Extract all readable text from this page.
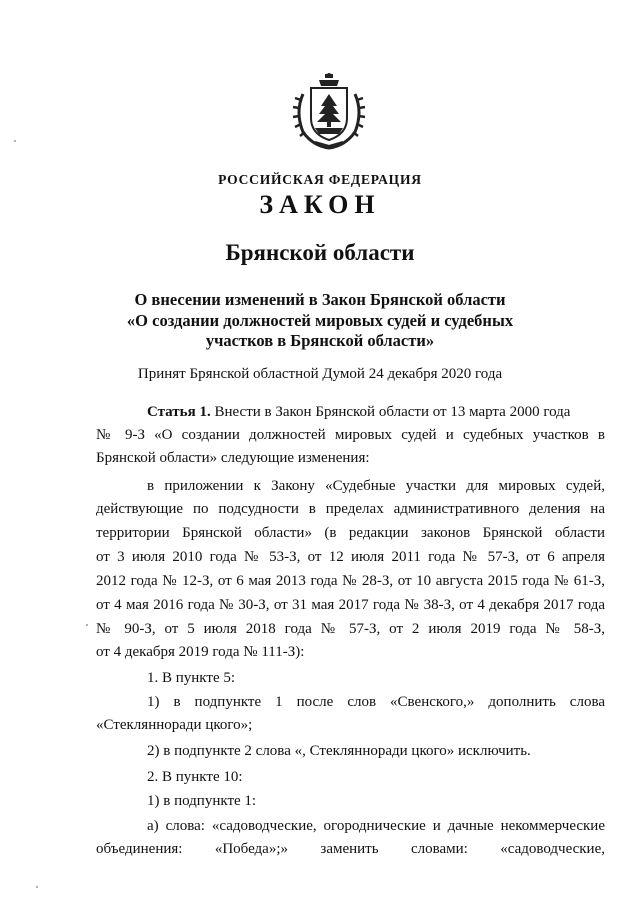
РОССИЙСКАЯ ФЕДЕРАЦИЯ
ЗАКОН
Брянской области
О внесении изменений в Закон Брянской области
«О создании должностей мировых судей и судебных
участков в Брянской области»
Принят Брянской областной Думой 24 декабря 2020 года
Статья 1. Внести в Закон Брянской области от 13 марта 2000 года
№ 9-З «О создании должностей мировых судей и судебных участков в
Брянской области» следующие изменения:
в приложении к Закону «Судебные участки для мировых судей,
действующие по подсудности в пределах административного деления на
территории Брянской области» (в редакции законов Брянской области
от 3 июля 2010 года № 53-З, от 12 июля 2011 года № 57-З, от 6 апреля
2012 года № 12-З, от 6 мая 2013 года № 28-З, от 10 августа 2015 года № 61-З,
от 4 мая 2016 года № 30-З, от 31 мая 2017 года № 38-З, от 4 декабря 2017 года
№ 90-З, от 5 июля 2018 года № 57-З, от 2 июля 2019 года № 58-З,
от 4 декабря 2019 года № 111-З):
1. В пункте 5:
1) в подпункте 1 после слов «Свенского,» дополнить слова
«Стеклянноради цкого»;
2) в подпункте 2 слова «, Стеклянноради цкого» исключить.
2. В пункте 10:
1) в подпункте 1:
а) слова: «садоводческие, огороднические и дачные некоммерческие
объединения: «Победа»;» заменить словами: «садоводческие,
